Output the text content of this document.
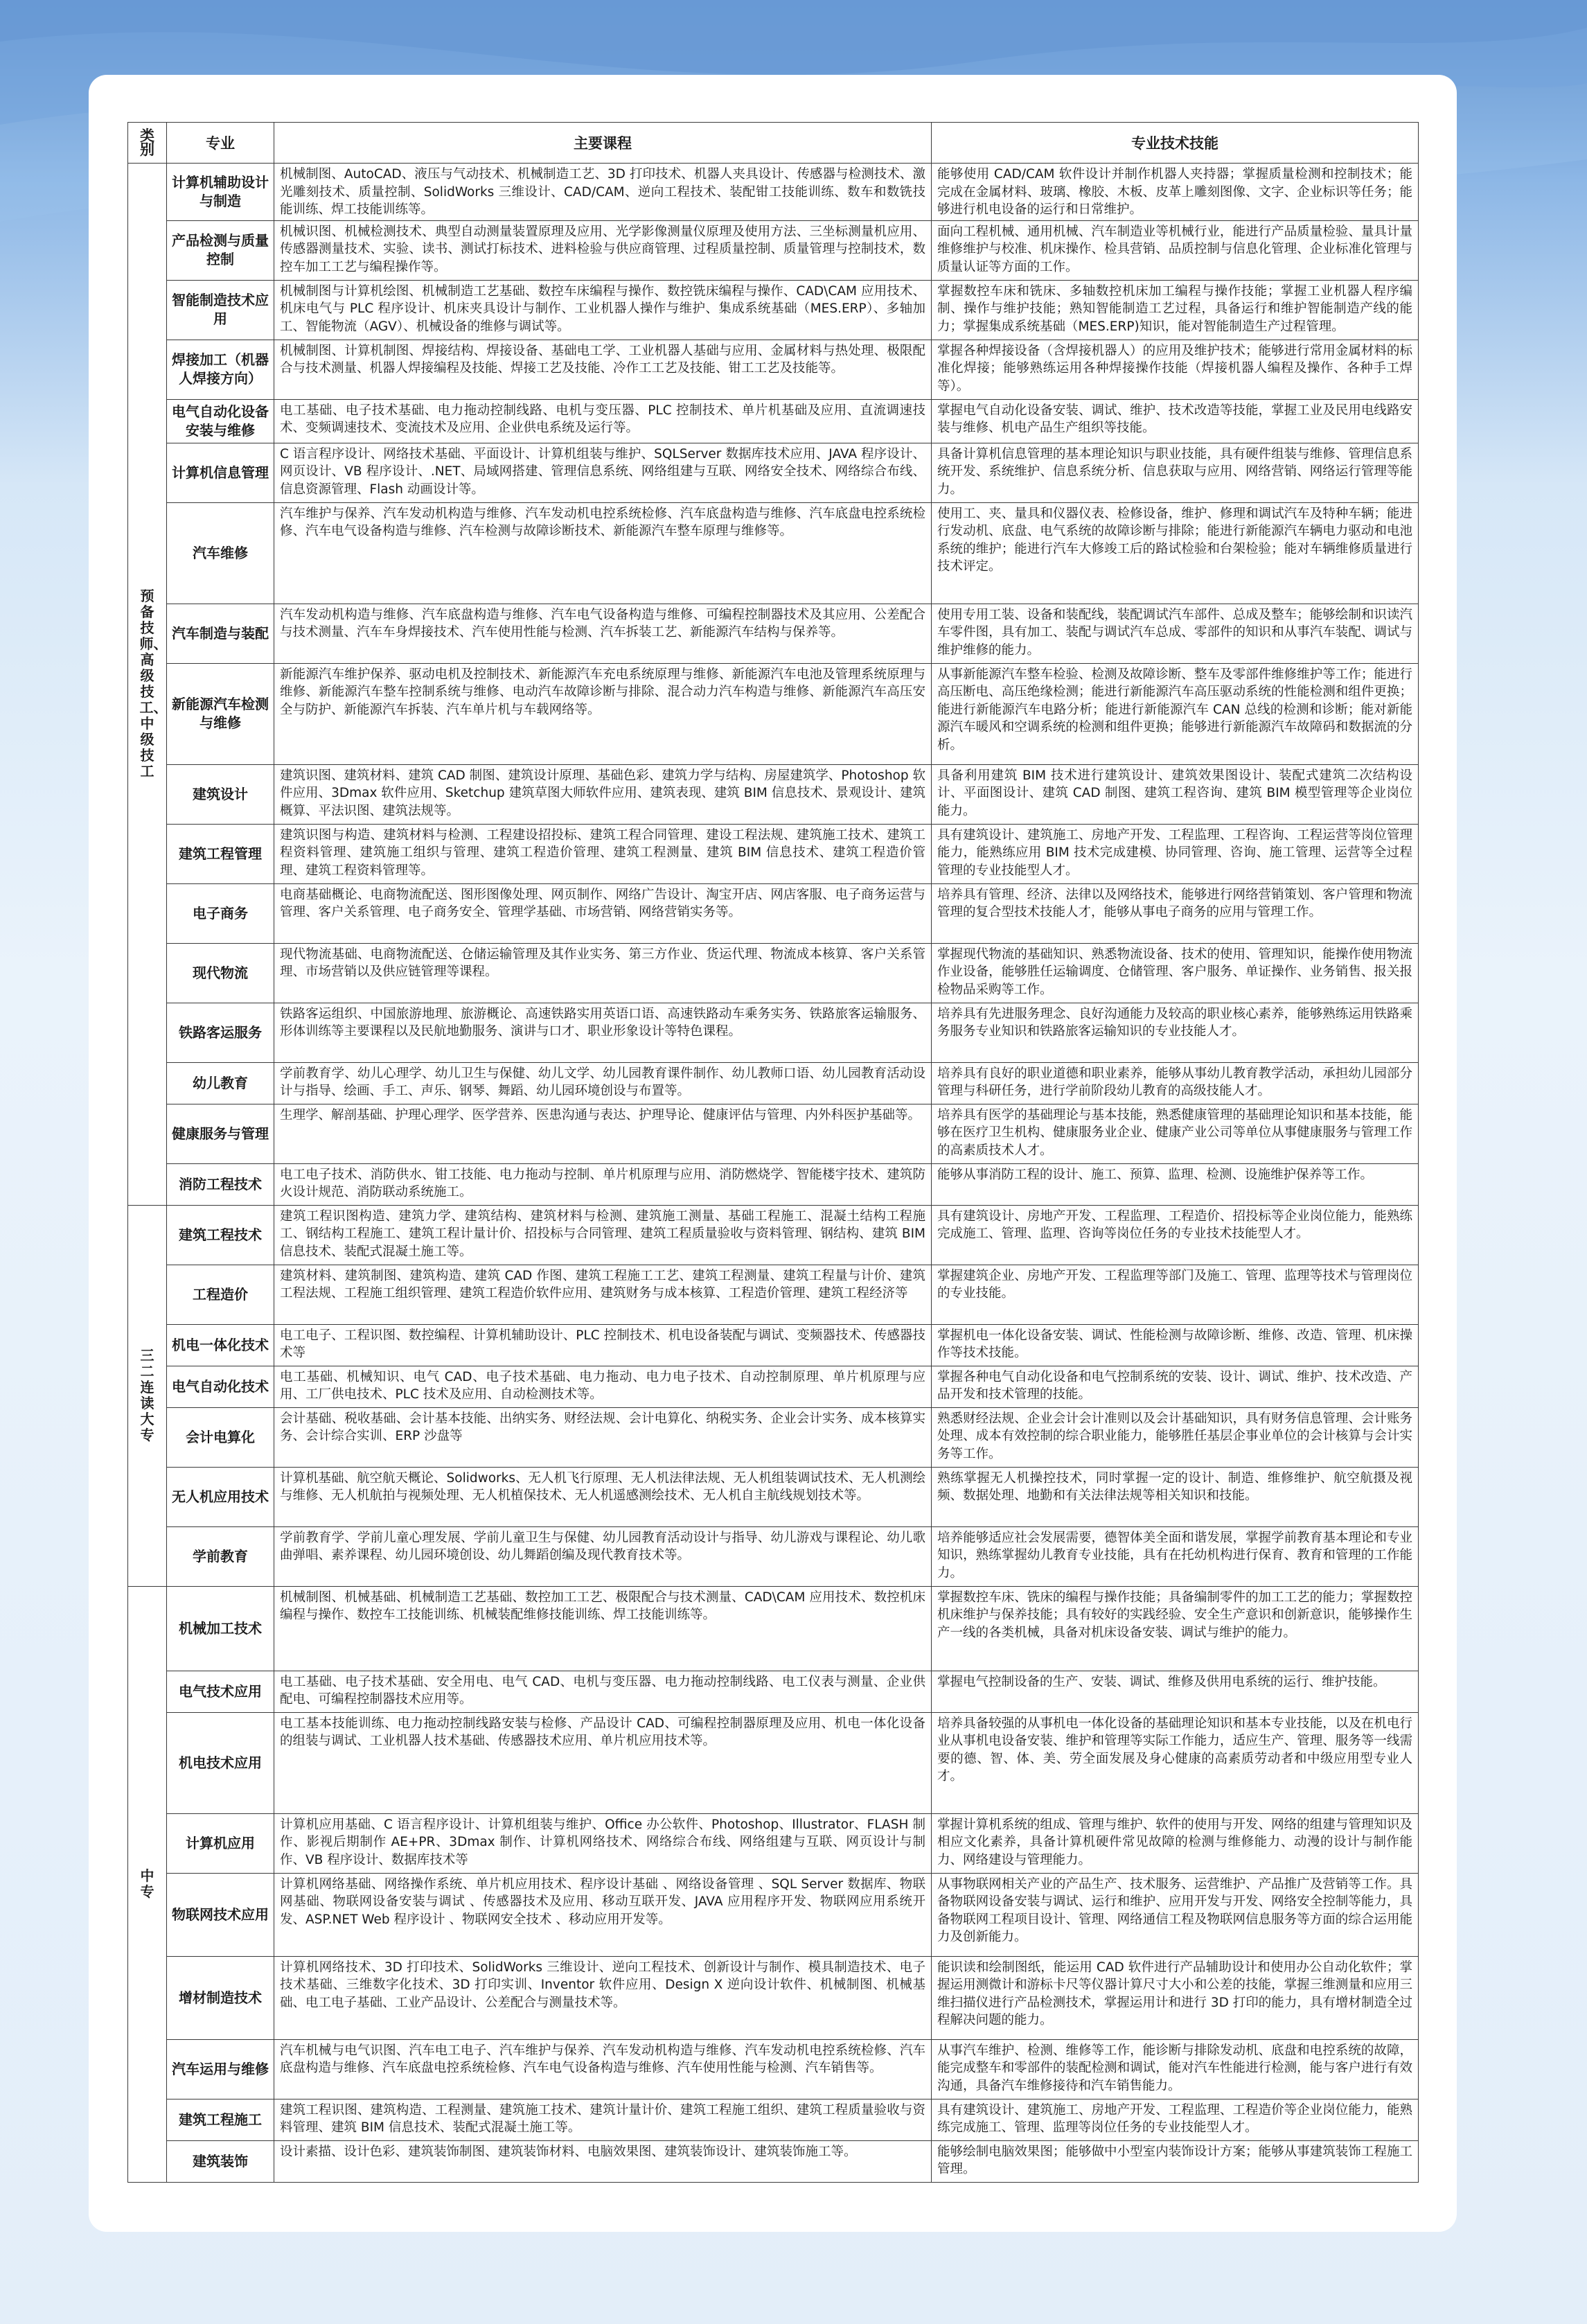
类别	专业	主要课程	专业技术技能
预备技师、高级技工、中级技工	计算机辅助设计与制造	机械制图、AutoCAD、液压与气动技术、机械制造工艺、3D 打印技术、机器人夹具设计、传感器与检测技术、激光雕刻技术、质量控制、SolidWorks 三维设计、CAD/CAM、逆向工程技术、装配钳工技能训练、数车和数铣技能训练、焊工技能训练等。	能够使用 CAD/CAM 软件设计并制作机器人夹持器；掌握质量检测和控制技术；能完成在金属材料、玻璃、橡胶、木板、皮革上雕刻图像、文字、企业标识等任务；能够进行机电设备的运行和日常维护。
	产品检测与质量控制	机械识图、机械检测技术、典型自动测量装置原理及应用、光学影像测量仪原理及使用方法、三坐标测量机应用、传感器测量技术、实验、读书、测试打标技术、进料检验与供应商管理、过程质量控制、质量管理与控制技术，数控车加工工艺与编程操作等。	面向工程机械、通用机械、汽车制造业等机械行业，能进行产品质量检验、量具计量维修维护与校准、机床操作、检具营销、品质控制与信息化管理、企业标准化管理与质量认证等方面的工作。
	智能制造技术应用	机械制图与计算机绘图、机械制造工艺基础、数控车床编程与操作、数控铣床编程与操作、CAD\CAM 应用技术、机床电气与 PLC 程序设计、机床夹具设计与制作、工业机器人操作与维护、集成系统基础（MES.ERP）、多轴加工、智能物流（AGV）、机械设备的维修与调试等。	掌握数控车床和铣床、多轴数控机床加工编程与操作技能；掌握工业机器人程序编制、操作与维护技能；熟知智能制造工艺过程，具备运行和维护智能制造产线的能力；掌握集成系统基础（MES.ERP)知识，能对智能制造生产过程管理。
	焊接加工（机器人焊接方向）	机械制图、计算机制图、焊接结构、焊接设备、基础电工学、工业机器人基础与应用、金属材料与热处理、极限配合与技术测量、机器人焊接编程及技能、焊接工艺及技能、冷作工工艺及技能、钳工工艺及技能等。	掌握各种焊接设备（含焊接机器人）的应用及维护技术；能够进行常用金属材料的标准化焊接；能够熟练运用各种焊接操作技能（焊接机器人编程及操作、各种手工焊等）。
	电气自动化设备安装与维修	电工基础、电子技术基础、电力拖动控制线路、电机与变压器、PLC 控制技术、单片机基础及应用、直流调速技术、变频调速技术、变流技术及应用、企业供电系统及运行等。	掌握电气自动化设备安装、调试、维护、技术改造等技能，掌握工业及民用电线路安装与维修、机电产品生产组织等技能。
	计算机信息管理	C 语言程序设计、网络技术基础、平面设计、计算机组装与维护、SQLServer 数据库技术应用、JAVA 程序设计、网页设计、VB 程序设计、.NET、局域网搭建、管理信息系统、网络组建与互联、网络安全技术、网络综合布线、信息资源管理、Flash 动画设计等。	具备计算机信息管理的基本理论知识与职业技能，具有硬件组装与维修、管理信息系统开发、系统维护、信息系统分析、信息获取与应用、网络营销、网络运行管理等能力。
	汽车维修	汽车维护与保养、汽车发动机构造与维修、汽车发动机电控系统检修、汽车底盘构造与维修、汽车底盘电控系统检修、汽车电气设备构造与维修、汽车检测与故障诊断技术、新能源汽车整车原理与维修等。	使用工、夹、量具和仪器仪表、检修设备，维护、修理和调试汽车及特种车辆；能进行发动机、底盘、电气系统的故障诊断与排除；能进行新能源汽车辆电力驱动和电池系统的维护；能进行汽车大修竣工后的路试检验和台架检验；能对车辆维修质量进行技术评定。
	汽车制造与装配	汽车发动机构造与维修、汽车底盘构造与维修、汽车电气设备构造与维修、可编程控制器技术及其应用、公差配合与技术测量、汽车车身焊接技术、汽车使用性能与检测、汽车拆装工艺、新能源汽车结构与保养等。	使用专用工装、设备和装配线，装配调试汽车部件、总成及整车；能够绘制和识读汽车零件图，具有加工、装配与调试汽车总成、零部件的知识和从事汽车装配、调试与维护维修的能力。
	新能源汽车检测与维修	新能源汽车维护保养、驱动电机及控制技术、新能源汽车充电系统原理与维修、新能源汽车电池及管理系统原理与维修、新能源汽车整车控制系统与维修、电动汽车故障诊断与排除、混合动力汽车构造与维修、新能源汽车高压安全与防护、新能源汽车拆装、汽车单片机与车载网络等。	从事新能源汽车整车检验、检测及故障诊断、整车及零部件维修维护等工作；能进行高压断电、高压绝缘检测；能进行新能源汽车高压驱动系统的性能检测和组件更换；能进行新能源汽车电路分析；能进行新能源汽车 CAN 总线的检测和诊断；能对新能源汽车暖风和空调系统的检测和组件更换；能够进行新能源汽车故障码和数据流的分析。
	建筑设计	建筑识图、建筑材料、建筑 CAD 制图、建筑设计原理、基础色彩、建筑力学与结构、房屋建筑学、Photoshop 软件应用、3Dmax 软件应用、Sketchup 建筑草图大师软件应用、建筑表现、建筑 BIM 信息技术、景观设计、建筑概算、平法识图、建筑法规等。	具备利用建筑 BIM 技术进行建筑设计、建筑效果图设计、装配式建筑二次结构设计、平面图设计、建筑 CAD 制图、建筑工程咨询、建筑 BIM 模型管理等企业岗位能力。
	建筑工程管理	建筑识图与构造、建筑材料与检测、工程建设招投标、建筑工程合同管理、建设工程法规、建筑施工技术、建筑工程资料管理、建筑施工组织与管理、建筑工程造价管理、建筑工程测量、建筑 BIM 信息技术、建筑工程造价管理、建筑工程资料管理等。	具有建筑设计、建筑施工、房地产开发、工程监理、工程咨询、工程运营等岗位管理能力，能熟练应用 BIM 技术完成建模、协同管理、咨询、施工管理、运营等全过程管理的专业技能型人才。
	电子商务	电商基础概论、电商物流配送、图形图像处理、网页制作、网络广告设计、淘宝开店、网店客服、电子商务运营与管理、客户关系管理、电子商务安全、管理学基础、市场营销、网络营销实务等。	培养具有管理、经济、法律以及网络技术，能够进行网络营销策划、客户管理和物流管理的复合型技术技能人才，能够从事电子商务的应用与管理工作。
	现代物流	现代物流基础、电商物流配送、仓储运输管理及其作业实务、第三方作业、货运代理、物流成本核算、客户关系管理、市场营销以及供应链管理等课程。	掌握现代物流的基础知识、熟悉物流设备、技术的使用、管理知识，能操作使用物流作业设备，能够胜任运输调度、仓储管理、客户服务、单证操作、业务销售、报关报检物品采购等工作。
	铁路客运服务	铁路客运组织、中国旅游地理、旅游概论、高速铁路实用英语口语、高速铁路动车乘务实务、铁路旅客运输服务、形体训练等主要课程以及民航地勤服务、演讲与口才、职业形象设计等特色课程。	培养具有先进服务理念、良好沟通能力及较高的职业核心素养，能够熟练运用铁路乘务服务专业知识和铁路旅客运输知识的专业技能人才。
	幼儿教育	学前教育学、幼儿心理学、幼儿卫生与保健、幼儿文学、幼儿园教育课件制作、幼儿教师口语、幼儿园教育活动设计与指导、绘画、手工、声乐、钢琴、舞蹈、幼儿园环境创设与布置等。	培养具有良好的职业道德和职业素养，能够从事幼儿教育教学活动，承担幼儿园部分管理与科研任务，进行学前阶段幼儿教育的高级技能人才。
	健康服务与管理	生理学、解剖基础、护理心理学、医学营养、医患沟通与表达、护理导论、健康评估与管理、内外科医护基础等。	培养具有医学的基础理论与基本技能，熟悉健康管理的基础理论知识和基本技能，能够在医疗卫生机构、健康服务业企业、健康产业公司等单位从事健康服务与管理工作的高素质技术人才。
	消防工程技术	电工电子技术、消防供水、钳工技能、电力拖动与控制、单片机原理与应用、消防燃烧学、智能楼宇技术、建筑防火设计规范、消防联动系统施工。	能够从事消防工程的设计、施工、预算、监理、检测、设施维护保养等工作。
三二连读大专	建筑工程技术	建筑工程识图构造、建筑力学、建筑结构、建筑材料与检测、建筑施工测量、基础工程施工、混凝土结构工程施工、钢结构工程施工、建筑工程计量计价、招投标与合同管理、建筑工程质量验收与资料管理、钢结构、建筑 BIM 信息技术、装配式混凝土施工等。	具有建筑设计、房地产开发、工程监理、工程造价、招投标等企业岗位能力，能熟练完成施工、管理、监理、咨询等岗位任务的专业技术技能型人才。
	工程造价	建筑材料、建筑制图、建筑构造、建筑 CAD 作图、建筑工程施工工艺、建筑工程测量、建筑工程量与计价、建筑工程法规、工程施工组织管理、建筑工程造价软件应用、建筑财务与成本核算、工程造价管理、建筑工程经济等	掌握建筑企业、房地产开发、工程监理等部门及施工、管理、监理等技术与管理岗位的专业技能。
	机电一体化技术	电工电子、工程识图、数控编程、计算机辅助设计、PLC 控制技术、机电设备装配与调试、变频器技术、传感器技术等	掌握机电一体化设备安装、调试、性能检测与故障诊断、维修、改造、管理、机床操作等技术技能。
	电气自动化技术	电工基础、机械知识、电气 CAD、电子技术基础、电力拖动、电力电子技术、自动控制原理、单片机原理与应用、工厂供电技术、PLC 技术及应用、自动检测技术等。	掌握各种电气自动化设备和电气控制系统的安装、设计、调试、维护、技术改造、产品开发和技术管理的技能。
	会计电算化	会计基础、税收基础、会计基本技能、出纳实务、财经法规、会计电算化、纳税实务、企业会计实务、成本核算实务、会计综合实训、ERP 沙盘等	熟悉财经法规、企业会计会计准则以及会计基础知识，具有财务信息管理、会计账务处理、成本有效控制的综合职业能力，能够胜任基层企事业单位的会计核算与会计实务等工作。
	无人机应用技术	计算机基础、航空航天概论、Solidworks、无人机飞行原理、无人机法律法规、无人机组装调试技术、无人机测绘与维修、无人机航拍与视频处理、无人机植保技术、无人机遥感测绘技术、无人机自主航线规划技术等。	熟练掌握无人机操控技术，同时掌握一定的设计、制造、维修维护、航空航摄及视频、数据处理、地勤和有关法律法规等相关知识和技能。
	学前教育	学前教育学、学前儿童心理发展、学前儿童卫生与保健、幼儿园教育活动设计与指导、幼儿游戏与课程论、幼儿歌曲弹唱、素养课程、幼儿园环境创设、幼儿舞蹈创编及现代教育技术等。	培养能够适应社会发展需要，德智体美全面和谐发展，掌握学前教育基本理论和专业知识，熟练掌握幼儿教育专业技能，具有在托幼机构进行保育、教育和管理的工作能力。
中专	机械加工技术	机械制图、机械基础、机械制造工艺基础、数控加工工艺、极限配合与技术测量、CAD\CAM 应用技术、数控机床编程与操作、数控车工技能训练、机械装配维修技能训练、焊工技能训练等。	掌握数控车床、铣床的编程与操作技能；具备编制零件的加工工艺的能力；掌握数控机床维护与保养技能；具有较好的实践经验、安全生产意识和创新意识，能够操作生产一线的各类机械，具备对机床设备安装、调试与维护的能力。
	电气技术应用	电工基础、电子技术基础、安全用电、电气 CAD、电机与变压器、电力拖动控制线路、电工仪表与测量、企业供配电、可编程控制器技术应用等。	掌握电气控制设备的生产、安装、调试、维修及供用电系统的运行、维护技能。
	机电技术应用	电工基本技能训练、电力拖动控制线路安装与检修、产品设计 CAD、可编程控制器原理及应用、机电一体化设备的组装与调试、工业机器人技术基础、传感器技术应用、单片机应用技术等。	培养具备较强的从事机电一体化设备的基础理论知识和基本专业技能，以及在机电行业从事机电设备安装、维护和管理等实际工作能力，适应生产、管理、服务等一线需要的德、智、体、美、劳全面发展及身心健康的高素质劳动者和中级应用型专业人才。
	计算机应用	计算机应用基础、C 语言程序设计、计算机组装与维护、Office 办公软件、Photoshop、Illustrator、FLASH 制作、影视后期制作 AE+PR、3Dmax 制作、计算机网络技术、网络综合布线、网络组建与互联、网页设计与制作、VB 程序设计、数据库技术等	掌握计算机系统的组成、管理与维护、软件的使用与开发、网络的组建与管理知识及相应文化素养，具备计算机硬件常见故障的检测与维修能力、动漫的设计与制作能力、网络建设与管理能力。
	物联网技术应用	计算机网络基础、网络操作系统、单片机应用技术、程序设计基础 、网络设备管理 、SQL Server 数据库、物联网基础、物联网设备安装与调试 、传感器技术及应用、移动互联开发、JAVA 应用程序开发、物联网应用系统开发、ASP.NET Web 程序设计 、物联网安全技术 、移动应用开发等。	从事物联网相关产业的产品生产、技术服务、运营维护、产品推广及营销等工作。具备物联网设备安装与调试、运行和维护、应用开发与开发、网络安全控制等能力，具备物联网工程项目设计、管理、网络通信工程及物联网信息服务等方面的综合运用能力及创新能力。
	增材制造技术	计算机网络技术、3D 打印技术、SolidWorks 三维设计、逆向工程技术、创新设计与制作、模具制造技术、电子技术基础、三维数字化技术、3D 打印实训、Inventor 软件应用、Design X 逆向设计软件、机械制图、机械基础、电工电子基础、工业产品设计、公差配合与测量技术等。	能识读和绘制图纸，能运用 CAD 软件进行产品辅助设计和使用办公自动化软件；掌握运用测微计和游标卡尺等仪器计算尺寸大小和公差的技能，掌握三维测量和应用三维扫描仪进行产品检测技术，掌握运用计和进行 3D 打印的能力，具有增材制造全过程解决问题的能力。
	汽车运用与维修	汽车机械与电气识图、汽车电工电子、汽车维护与保养、汽车发动机构造与维修、汽车发动机电控系统检修、汽车底盘构造与维修、汽车底盘电控系统检修、汽车电气设备构造与维修、汽车使用性能与检测、汽车销售等。	从事汽车维护、检测、维修等工作，能诊断与排除发动机、底盘和电控系统的故障，能完成整车和零部件的装配检测和调试，能对汽车性能进行检测，能与客户进行有效沟通，具备汽车维修接待和汽车销售能力。
	建筑工程施工	建筑工程识图、建筑构造、工程测量、建筑施工技术、建筑计量计价、建筑工程施工组织、建筑工程质量验收与资料管理、建筑 BIM 信息技术、装配式混凝土施工等。	具有建筑设计、建筑施工、房地产开发、工程监理、工程造价等企业岗位能力，能熟练完成施工、管理、监理等岗位任务的专业技能型人才。
	建筑装饰	设计素描、设计色彩、建筑装饰制图、建筑装饰材料、电脑效果图、建筑装饰设计、建筑装饰施工等。	能够绘制电脑效果图；能够做中小型室内装饰设计方案；能够从事建筑装饰工程施工管理。
